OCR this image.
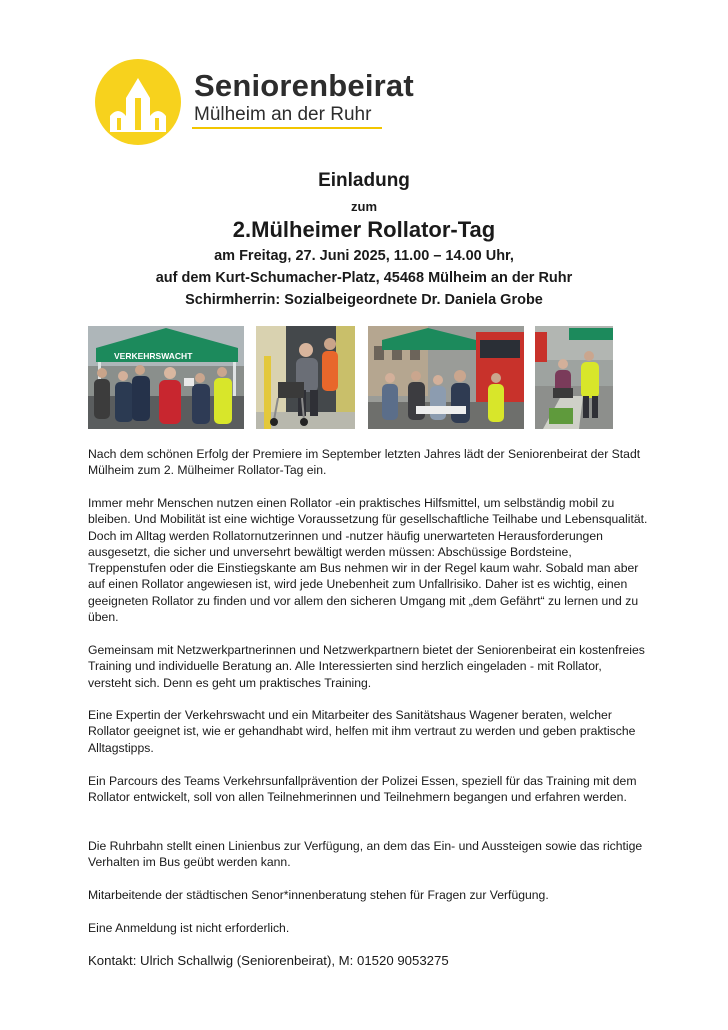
Seniorenbeirat
Mülheim an der Ruhr
Einladung
zum
2.Mülheimer Rollator-Tag
am Freitag, 27. Juni 2025, 11.00 – 14.00 Uhr,
auf dem Kurt-Schumacher-Platz, 45468 Mülheim an der Ruhr
Schirmherrin: Sozialbeigeordnete Dr. Daniela Grobe
VERKEHRSWACHT
Nach dem schönen Erfolg der Premiere im September letzten Jahres lädt der Seniorenbeirat der Stadt Mülheim zum 2. Mülheimer Rollator-Tag ein.
Immer mehr Menschen nutzen einen Rollator -ein praktisches Hilfsmittel, um selbständig mobil zu bleiben. Und Mobilität ist eine wichtige Voraussetzung für gesellschaftliche Teilhabe und Lebensqualität. Doch im Alltag werden Rollatornutzerinnen und -nutzer häufig unerwarteten Herausforderungen ausgesetzt, die sicher und unversehrt bewältigt werden müssen: Abschüssige Bordsteine, Treppenstufen oder die Einstiegskante am Bus nehmen wir in der Regel kaum wahr. Sobald man aber auf einen Rollator angewiesen ist, wird jede Unebenheit zum Unfallrisiko. Daher ist es wichtig, einen geeigneten Rollator zu finden und vor allem den sicheren Umgang mit „dem Gefährt“ zu lernen und zu üben.
Gemeinsam mit Netzwerkpartnerinnen und Netzwerkpartnern bietet der Seniorenbeirat ein kostenfreies Training und individuelle Beratung an. Alle Interessierten sind herzlich eingeladen - mit Rollator, versteht sich. Denn es geht um praktisches Training.
Eine Expertin der Verkehrswacht und ein Mitarbeiter des Sanitätshaus Wagener beraten, welcher Rollator geeignet ist, wie er gehandhabt wird, helfen mit ihm vertraut zu werden und geben praktische Alltagstipps.
Ein Parcours des Teams Verkehrsunfallprävention der Polizei Essen, speziell für das Training mit dem Rollator entwickelt, soll von allen Teilnehmerinnen und Teilnehmern begangen und erfahren werden.
Die Ruhrbahn stellt einen Linienbus zur Verfügung, an dem das Ein- und Aussteigen sowie das richtige Verhalten im Bus geübt werden kann.
Mitarbeitende der städtischen Senor*innenberatung stehen für Fragen zur Verfügung.
Eine Anmeldung ist nicht erforderlich.
Kontakt: Ulrich Schallwig (Seniorenbeirat), M: 01520 9053275
